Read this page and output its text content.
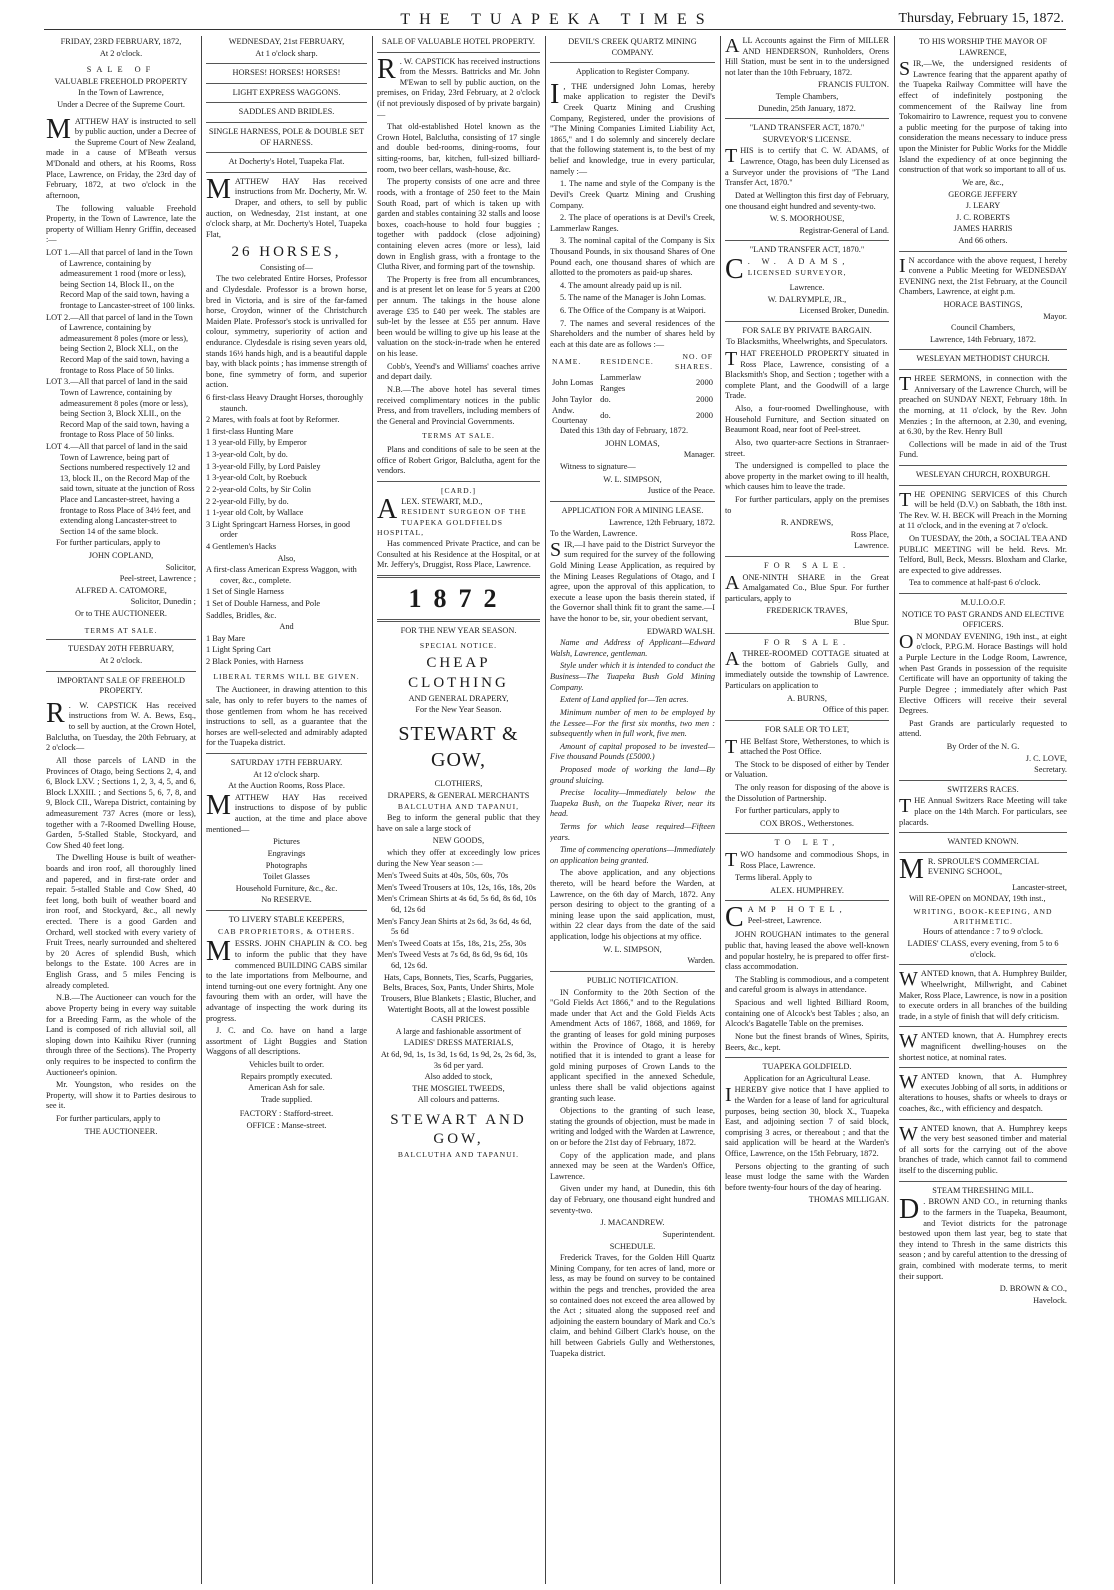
THE TUAPEKA TIMES	Thursday, February 15, 1872.
FRIDAY, 23RD FEBRUARY, 1872,
At 2 o'clock.
SALE OF
VALUABLE FREEHOLD PROPERTY
In the Town of Lawrence,
Under a Decree of the Supreme Court.

MATTHEW HAY is instructed to sell by public auction, under a Decree of the Supreme Court of New Zealand, made in a cause of M'Beath versus M'Donald and others, at his Rooms, Ross Place, Lawrence, on Friday, the 23rd day of February, 1872, at two o'clock in the afternoon,

The following valuable Freehold Property, in the Town of Lawrence, late the property of William Henry Griffin, deceased :—

LOT 1.—All that parcel of land in the Town of Lawrence, containing by admeasurement 1 rood (more or less), being Section 14, Block II., on the Record Map of the said town, having a frontage to Lancaster-street of 100 links.

LOT 2.—All that parcel of land in the Town of Lawrence, containing by admeasurement 8 poles (more or less), being Section 2, Block XLI., on the Record Map of the said town, having a frontage to Ross Place of 50 links.

LOT 3.—All that parcel of land in the said Town of Lawrence, containing by admeasurement 8 poles (more or less), being Section 3, Block XLII., on the Record Map of the said town, having a frontage to Ross Place of 50 links.

LOT 4.—All that parcel of land in the said Town of Lawrence, being part of Sections numbered respectively 12 and 13, block II., on the Record Map of the said town, situate at the junction of Ross Place and Lancaster-street, having a frontage to Ross Place of 34½ feet, and extending along Lancaster-street to Section 14 of the same block.

For further particulars, apply to

JOHN COPLAND,
Solicitor,
Peel-street, Lawrence ;
ALFRED A. CATOMORE,
Solicitor, Dunedin ;
Or to THE AUCTIONEER.
TERMS AT SALE.
TUESDAY 20TH FEBRUARY,
At 2 o'clock.
IMPORTANT SALE OF FREEHOLD PROPERTY.

R . W. CAPSTICK Has received instructions from W. A. Bews, Esq., to sell by auction, at the Crown Hotel, Balclutha, on Tuesday, the 20th February, at 2 o'clock—

All those parcels of LAND in the Provinces of Otago, being Sections 2, 4, and 6, Block LXV. ; Sections 1, 2, 3, 4, 5, and 6, Block LXXIII. ; and Sections 5, 6, 7, 8, and 9, Block CII., Warepa District, containing by admeasurement 737 Acres (more or less), together with a 7-Roomed Dwelling House, Garden, 5-Stalled Stable, Stockyard, and Cow Shed 40 feet long.

The Dwelling House is built of weather-boards and iron roof, all thoroughly lined and papered, and in first-rate order and repair. 5-stalled Stable and Cow Shed, 40 feet long, both built of weather board and iron roof, and Stockyard, &c., all newly erected. There is a good Garden and Orchard, well stocked with every variety of Fruit Trees, nearly surrounded and sheltered by 20 Acres of splendid Bush, which belongs to the Estate. 100 Acres are in English Grass, and 5 miles Fencing is already completed.

N.B.—The Auctioneer can vouch for the above Property being in every way suitable for a Breeding Farm, as the whole of the Land is composed of rich alluvial soil, all sloping down into Kaihiku River (running through three of the Sections). The Property only requires to be inspected to confirm the Auctioneer's opinion.

Mr. Youngston, who resides on the Property, will show it to Parties desirous to see it.

For further particulars, apply to

THE AUCTIONEER.
WEDNESDAY, 21st FEBRUARY,
At 1 o'clock sharp.
HORSES! HORSES! HORSES!
LIGHT EXPRESS WAGGONS.
SADDLES AND BRIDLES.
SINGLE HARNESS, POLE & DOUBLE SET OF HARNESS.
At Docherty's Hotel, Tuapeka Flat.

MATTHEW HAY Has received instructions from Mr. Docherty, Mr. W. Draper, and others, to sell by public auction, on Wednesday, 21st instant, at one o'clock sharp, at Mr. Docherty's Hotel, Tuapeka Flat,

26 HORSES,
Consisting of—

The two celebrated Entire Horses, Professor and Clydesdale. Professor is a brown horse, bred in Victoria, and is sire of the far-famed horse, Croydon, winner of the Christchurch Maiden Plate. Professor's stock is unrivalled for colour, symmetry, superiority of action and endurance. Clydesdale is rising seven years old, stands 16½ hands high, and is a beautiful dapple bay, with black points ; has immense strength of bone, fine symmetry of form, and superior action.

6 first-class Heavy Draught Horses, thoroughly staunch.

2 Mares, with foals at foot by Reformer.

1 first-class Hunting Mare

1 3 year-old Filly, by Emperor

1 3-year-old Colt, by do.

1 3-year-old Filly, by Lord Paisley

1 3-year-old Colt, by Roebuck

2 2-year-old Colts, by Sir Colin

2 2-year-old Filly, by do.

1 1-year old Colt, by Wallace

3 Light Springcart Harness Horses, in good order

4 Gentlemen's Hacks

Also,

A first-class American Express Waggon, with cover, &c., complete.

1 Set of Single Harness

1 Set of Double Harness, and Pole

Saddles, Bridles, &c.

And

1 Bay Mare

1 Light Spring Cart

2 Black Ponies, with Harness

LIBERAL TERMS WILL BE GIVEN.

The Auctioneer, in drawing attention to this sale, has only to refer buyers to the names of those gentlemen from whom he has received instructions to sell, as a guarantee that the horses are well-selected and admirably adapted for the Tuapeka district.

SATURDAY 17TH FEBRUARY.
At 12 o'clock sharp.
At the Auction Rooms, Ross Place.

MATTHEW HAY Has received instructions to dispose of by public auction, at the time and place above mentioned—

Pictures
Engravings
Photographs
Toilet Glasses
Household Furniture, &c., &c.
No RESERVE.
TO LIVERY STABLE KEEPERS,
CAB PROPRIETORS, & OTHERS.

MESSRS. JOHN CHAPLIN & CO. beg to inform the public that they have commenced BUILDING CABS similar to the late importations from Melbourne, and intend turning-out one every fortnight. Any one favouring them with an order, will have the advantage of inspecting the work during its progress.

J. C. and Co. have on hand a large assortment of Light Buggies and Station Waggons of all descriptions.

Vehicles built to order.
Repairs promptly executed.
American Ash for sale.
Trade supplied.
FACTORY : Stafford-street.
OFFICE : Manse-street.
SALE OF VALUABLE HOTEL PROPERTY.

R . W. CAPSTICK has received instructions from the Messrs. Battricks and Mr. John M'Ewan to sell by public auction, on the premises, on Friday, 23rd February, at 2 o'clock (if not previously disposed of by private bargain)—

That old-established Hotel known as the Crown Hotel, Balclutha, consisting of 17 single and double bed-rooms, dining-rooms, four sitting-rooms, bar, kitchen, full-sized billiard-room, two beer cellars, wash-house, &c.

The property consists of one acre and three roods, with a frontage of 250 feet to the Main South Road, part of which is taken up with garden and stables containing 32 stalls and loose boxes, coach-house to hold four buggies ; together with paddock (close adjoining) containing eleven acres (more or less), laid down in English grass, with a frontage to the Clutha River, and forming part of the township.

The Property is free from all encumbrances, and is at present let on lease for 5 years at £200 per annum. The takings in the house alone average £35 to £40 per week. The stables are sub-let by the lessee at £55 per annum. Have been would be willing to give up his lease at the valuation on the stock-in-trade when he entered on his lease.

Cobb's, Yeend's and Williams' coaches arrive and depart daily.

N.B.—The above hotel has several times received complimentary notices in the public Press, and from travellers, including members of the General and Provincial Governments.

TERMS AT SALE.

Plans and conditions of sale to be seen at the office of Robert Grigor, Balclutha, agent for the vendors.

[CARD.]
ALEX. STEWART, M.D.,
RESIDENT SURGEON OF THE TUAPEKA GOLDFIELDS HOSPITAL,

Has commenced Private Practice, and can be Consulted at his Residence at the Hospital, or at Mr. Jeffery's, Druggist, Ross Place, Lawrence.

1872
FOR THE NEW YEAR SEASON.
SPECIAL NOTICE.
CHEAP CLOTHING
AND GENERAL DRAPERY,
For the New Year Season.
STEWART & GOW,
CLOTHIERS,
DRAPERS, & GENERAL MERCHANTS
BALCLUTHA AND TAPANUI,

Beg to inform the general public that they have on sale a large stock of

NEW GOODS,

which they offer at exceedingly low prices during the New Year season :—

Men's Tweed Suits at 40s, 50s, 60s, 70s

Men's Tweed Trousers at 10s, 12s, 16s, 18s, 20s

Men's Crimean Shirts at 4s 6d, 5s 6d, 8s 6d, 10s 6d, 12s 6d

Men's Fancy Jean Shirts at 2s 6d, 3s 6d, 4s 6d, 5s 6d

Men's Tweed Coats at 15s, 18s, 21s, 25s, 30s

Men's Tweed Vests at 7s 6d, 8s 6d, 9s 6d, 10s 6d, 12s 6d.

Hats, Caps, Bonnets, Ties, Scarfs, Puggaries, Belts, Braces, Sox, Pants, Under Shirts, Mole Trousers, Blue Blankets ; Elastic, Blucher, and Watertight Boots, all at the lowest possible CASH PRICES.

A large and fashionable assortment of
LADIES' DRESS MATERIALS,
At 6d, 9d, 1s, 1s 3d, 1s 6d, 1s 9d, 2s, 2s 6d, 3s, 3s 6d per yard.
Also added to stock,
THE MOSGIEL TWEEDS,
All colours and patterns.
STEWART AND GOW,
BALCLUTHA AND TAPANUI.
DEVIL'S CREEK QUARTZ MINING COMPANY.
Application to Register Company.

I , THE undersigned John Lomas, hereby make application to register the Devil's Creek Quartz Mining and Crushing Company, Registered, under the provisions of "The Mining Companies Limited Liability Act, 1865," and I do solemnly and sincerely declare that the following statement is, to the best of my belief and knowledge, true in every particular, namely :—

1. The name and style of the Company is the Devil's Creek Quartz Mining and Crushing Company.

2. The place of operations is at Devil's Creek, Lammerlaw Ranges.

3. The nominal capital of the Company is Six Thousand Pounds, in six thousand Shares of One Pound each, one thousand shares of which are allotted to the promoters as paid-up shares.

4. The amount already paid up is nil.

5. The name of the Manager is John Lomas.

6. The Office of the Company is at Waipori.

7. The names and several residences of the Shareholders and the number of shares held by each at this date are as follows :—

NAME.	RESIDENCE.	NO. OF SHARES.
John Lomas	Lammerlaw Ranges	2000
John Taylor	do.	2000
Andw. Courtenay	do.	2000

Dated this 13th day of February, 1872.

JOHN LOMAS,
Manager.

Witness to signature—

W. L. SIMPSON,
Justice of the Peace.
APPLICATION FOR A MINING LEASE.
Lawrence, 12th February, 1872.
To the Warden, Lawrence.

SIR,—I have paid to the District Surveyor the sum required for the survey of the following Gold Mining Lease Application, as required by the Mining Leases Regulations of Otago, and I agree, upon the approval of this application, to execute a lease upon the basis therein stated, if the Governor shall think fit to grant the same.—I have the honor to be, sir, your obedient servant,

EDWARD WALSH.

Name and Address of Applicant—Edward Walsh, Lawrence, gentleman.

Style under which it is intended to conduct the Business—The Tuapeka Bush Gold Mining Company.

Extent of Land applied for—Ten acres.

Minimum number of men to be employed by the Lessee—For the first six months, two men : subsequently when in full work, five men.

Amount of capital proposed to be invested—Five thousand Pounds (£5000.)

Proposed mode of working the land—By ground sluicing.

Precise locality—Immediately below the Tuapeka Bush, on the Tuapeka River, near its head.

Terms for which lease required—Fifteen years.

Time of commencing operations—Immediately on application being granted.

The above application, and any objections thereto, will be heard before the Warden, at Lawrence, on the 6th day of March, 1872. Any person desiring to object to the granting of a mining lease upon the said application, must, within 22 clear days from the date of the said application, lodge his objections at my office.

W. L. SIMPSON,
Warden.
PUBLIC NOTIFICATION.

IN Conformity to the 20th Section of the "Gold Fields Act 1866," and to the Regulations made under that Act and the Gold Fields Acts Amendment Acts of 1867, 1868, and 1869, for the granting of leases for gold mining purposes within the Province of Otago, it is hereby notified that it is intended to grant a lease for gold mining purposes of Crown Lands to the applicant specified in the annexed Schedule, unless there shall be valid objections against granting such lease.

Objections to the granting of such lease, stating the grounds of objection, must be made in writing and lodged with the Warden at Lawrence, on or before the 21st day of February, 1872.

Copy of the application made, and plans annexed may be seen at the Warden's Office, Lawrence.

Given under my hand, at Dunedin, this 6th day of February, one thousand eight hundred and seventy-two.

J. MACANDREW.
Superintendent.
SCHEDULE.

Frederick Traves, for the Golden Hill Quartz Mining Company, for ten acres of land, more or less, as may be found on survey to be contained within the pegs and trenches, provided the area so contained does not exceed the area allowed by the Act ; situated along the supposed reef and adjoining the eastern boundary of Mark and Co.'s claim, and behind Gilbert Clark's house, on the hill between Gabriels Gully and Wetherstones, Tuapeka district.

ALL Accounts against the Firm of MILLER AND HENDERSON, Runholders, Orens Hill Station, must be sent in to the undersigned not later than the 10th February, 1872.

FRANCIS FULTON.
Temple Chambers,
Dunedin, 25th January, 1872.
"LAND TRANSFER ACT, 1870."
SURVEYOR'S LICENSE.

THIS is to certify that C. W. ADAMS, of Lawrence, Otago, has been duly Licensed as a Surveyor under the provisions of "The Land Transfer Act, 1870."

Dated at Wellington this first day of February, one thousand eight hundred and seventy-two.

W. S. MOORHOUSE,
Registrar-General of Land.
"LAND TRANSFER ACT, 1870."
C . W. ADAMS,
LICENSED SURVEYOR,
Lawrence.
W. DALRYMPLE, JR.,
Licensed Broker, Dunedin.
FOR SALE BY PRIVATE BARGAIN.
To Blacksmiths, Wheelwrights, and Speculators.

THAT FREEHOLD PROPERTY situated in Ross Place, Lawrence, consisting of a Blacksmith's Shop, and Section ; together with a complete Plant, and the Goodwill of a large Trade.

Also, a four-roomed Dwellinghouse, with Household Furniture, and Section situated on Beaumont Road, near foot of Peel-street.

Also, two quarter-acre Sections in Stranraer-street.

The undersigned is compelled to place the above property in the market owing to ill health, which causes him to leave the trade.

For further particulars, apply on the premises to

R. ANDREWS,
Ross Place,
Lawrence.
FOR SALE.

AONE-NINTH SHARE in the Great Amalgamated Co., Blue Spur. For further particulars, apply to

FREDERICK TRAVES,
Blue Spur.
FOR SALE.

ATHREE-ROOMED COTTAGE situated at the bottom of Gabriels Gully, and immediately outside the township of Lawrence. Particulars on application to

A. BURNS,
Office of this paper.
FOR SALE OR TO LET,

THE Belfast Store, Wetherstones, to which is attached the Post Office.

The Stock to be disposed of either by Tender or Valuation.

The only reason for disposing of the above is the Dissolution of Partnership.

For further particulars, apply to

COX BROS., Wetherstones.
TO LET,

TWO handsome and commodious Shops, in Ross Place, Lawrence.

Terms liberal. Apply to

ALEX. HUMPHREY.
CAMP HOTEL,
Peel-street, Lawrence.

JOHN ROUGHAN intimates to the general public that, having leased the above well-known and popular hostelry, he is prepared to offer first-class accommodation.

The Stabling is commodious, and a competent and careful groom is always in attendance.

Spacious and well lighted Billiard Room, containing one of Alcock's best Tables ; also, an Alcock's Bagatelle Table on the premises.

None but the finest brands of Wines, Spirits, Beers, &c., kept.

TUAPEKA GOLDFIELD.
Application for an Agricultural Lease.

IHEREBY give notice that I have applied to the Warden for a lease of land for agricultural purposes, being section 30, block X., Tuapeka East, and adjoining section 7 of said block, comprising 3 acres, or thereabout ; and that the said application will be heard at the Warden's Office, Lawrence, on the 15th February, 1872.

Persons objecting to the granting of such lease must lodge the same with the Warden before twenty-four hours of the day of hearing.

THOMAS MILLIGAN.
TO HIS WORSHIP THE MAYOR OF LAWRENCE,

SIR,—We, the undersigned residents of Lawrence fearing that the apparent apathy of the Tuapeka Railway Committee will have the effect of indefinitely postponing the commencement of the Railway line from Tokomairiro to Lawrence, request you to convene a public meeting for the purpose of taking into consideration the means necessary to induce press upon the Minister for Public Works for the Middle Island the expediency of at once beginning the construction of that work so important to all of us.

We are, &c.,
GEORGE JEFFERY
J. LEARY
J. C. ROBERTS
JAMES HARRIS
And 66 others.

I N accordance with the above request, I hereby convene a Public Meeting for WEDNESDAY EVENING next, the 21st February, at the Council Chambers, Lawrence, at eight p.m.

HORACE BASTINGS,
Mayor.
Council Chambers,
Lawrence, 14th February, 1872.
WESLEYAN METHODIST CHURCH.

THREE SERMONS, in connection with the Anniversary of the Lawrence Church, will be preached on SUNDAY NEXT, February 18th. In the morning, at 11 o'clock, by the Rev. John Menzies ; In the afternoon, at 2.30, and evening, at 6.30, by the Rev. Henry Bull

Collections will be made in aid of the Trust Fund.

WESLEYAN CHURCH, ROXBURGH.

THE OPENING SERVICES of this Church will be held (D.V.) on Sabbath, the 18th inst. The Rev. W. H. BECK will Preach in the Morning at 11 o'clock, and in the evening at 7 o'clock.

On TUESDAY, the 20th, a SOCIAL TEA AND PUBLIC MEETING will be held. Revs. Mr. Telford, Bull, Beck, Messrs. Bloxham and Clarke, are expected to give addresses.

Tea to commence at half-past 6 o'clock.

M.U.I.O.O.F.
NOTICE TO PAST GRANDS AND ELECTIVE OFFICERS.

O N MONDAY EVENING, 19th inst., at eight o'clock, P.P.G.M. Horace Bastings will hold a Purple Lecture in the Lodge Room, Lawrence, when Past Grands in possession of the requisite Certificate will have an opportunity of taking the Purple Degree ; immediately after which Past Elective Officers will receive their several Degrees.

Past Grands are particularly requested to attend.

By Order of the N. G.
J. C. LOVE,
Secretary.
SWITZERS RACES.

THE Annual Switzers Race Meeting will take place on the 14th March. For particulars, see placards.

WANTED KNOWN.
M R. SPROULE'S COMMERCIAL EVENING SCHOOL,
Lancaster-street,

Will RE-OPEN on MONDAY, 19th inst.,

WRITING, BOOK-KEEPING, AND ARITHMETIC.
Hours of attendance : 7 to 9 o'clock.
LADIES' CLASS, every evening, from 5 to 6 o'clock.

WANTED known, that A. Humphrey Builder, Wheelwright, Millwright, and Cabinet Maker, Ross Place, Lawrence, is now in a position to execute orders in all branches of the building trade, in a style of finish that will defy criticism.

WANTED known, that A. Humphrey erects magnificent dwelling-houses on the shortest notice, at nominal rates.

WANTED known, that A. Humphrey executes Jobbing of all sorts, in additions or alterations to houses, shafts or wheels to drays or coaches, &c., with efficiency and despatch.

WANTED known, that A. Humphrey keeps the very best seasoned timber and material of all sorts for the carrying out of the above branches of trade, which cannot fail to commend itself to the discerning public.

STEAM THRESHING MILL.

D . BROWN AND CO., in returning thanks to the farmers in the Tuapeka, Beaumont, and Teviot districts for the patronage bestowed upon them last year, beg to state that they intend to Thresh in the same districts this season ; and by careful attention to the dressing of grain, combined with moderate terms, to merit their support.

D. BROWN & CO.,
Havelock.
